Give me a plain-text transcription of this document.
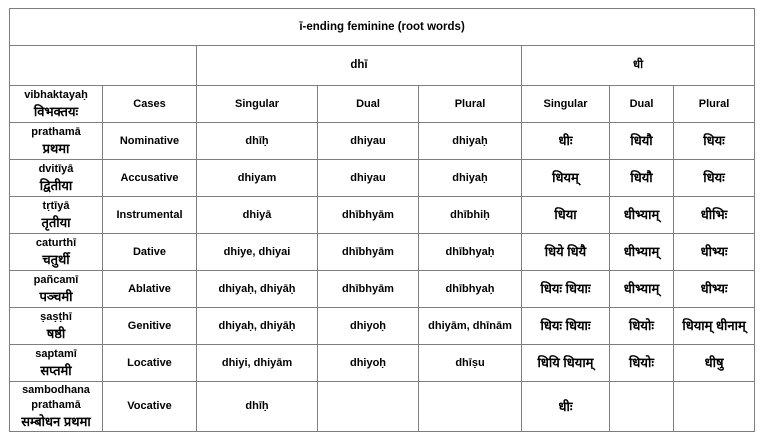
ī-ending feminine (root words)							
		dhī			धी		

vibhaktayaḥ
विभक्तयः	Cases	Singular	Dual	Plural	Singular	Dual	Plural

prathamā
प्रथमा	Nominative	dhīḥ	dhiyau	dhiyaḥ	धीः	धियौ	धियः

dvitīyā
द्वितीया	Accusative	dhiyam	dhiyau	dhiyaḥ	धियम्	धियौ	धियः

tṛtīyā
तृतीया	Instrumental	dhiyā	dhībhyām	dhībhiḥ	धिया	धीभ्याम्	धीभिः

caturthī
चतुर्थी	Dative	dhiye, dhiyai	dhībhyām	dhībhyaḥ	धिये धियै	धीभ्याम्	धीभ्यः

pañcamī
पञ्चमी	Ablative	dhiyaḥ, dhiyāḥ	dhībhyām	dhībhyaḥ	धियः धियाः	धीभ्याम्	धीभ्यः

ṣaṣṭhī
षष्ठी	Genitive	dhiyaḥ, dhiyāḥ	dhiyoḥ	dhiyām, dhīnām	धियः धियाः	धियोः	धियाम् धीनाम्

saptamī
सप्तमी	Locative	dhiyi, dhiyām	dhiyoḥ	dhīṣu	धियि धियाम्	धियोः	धीषु

sambodhana prathamā
सम्बोधन प्रथमा	Vocative	dhīḥ			धीः		
